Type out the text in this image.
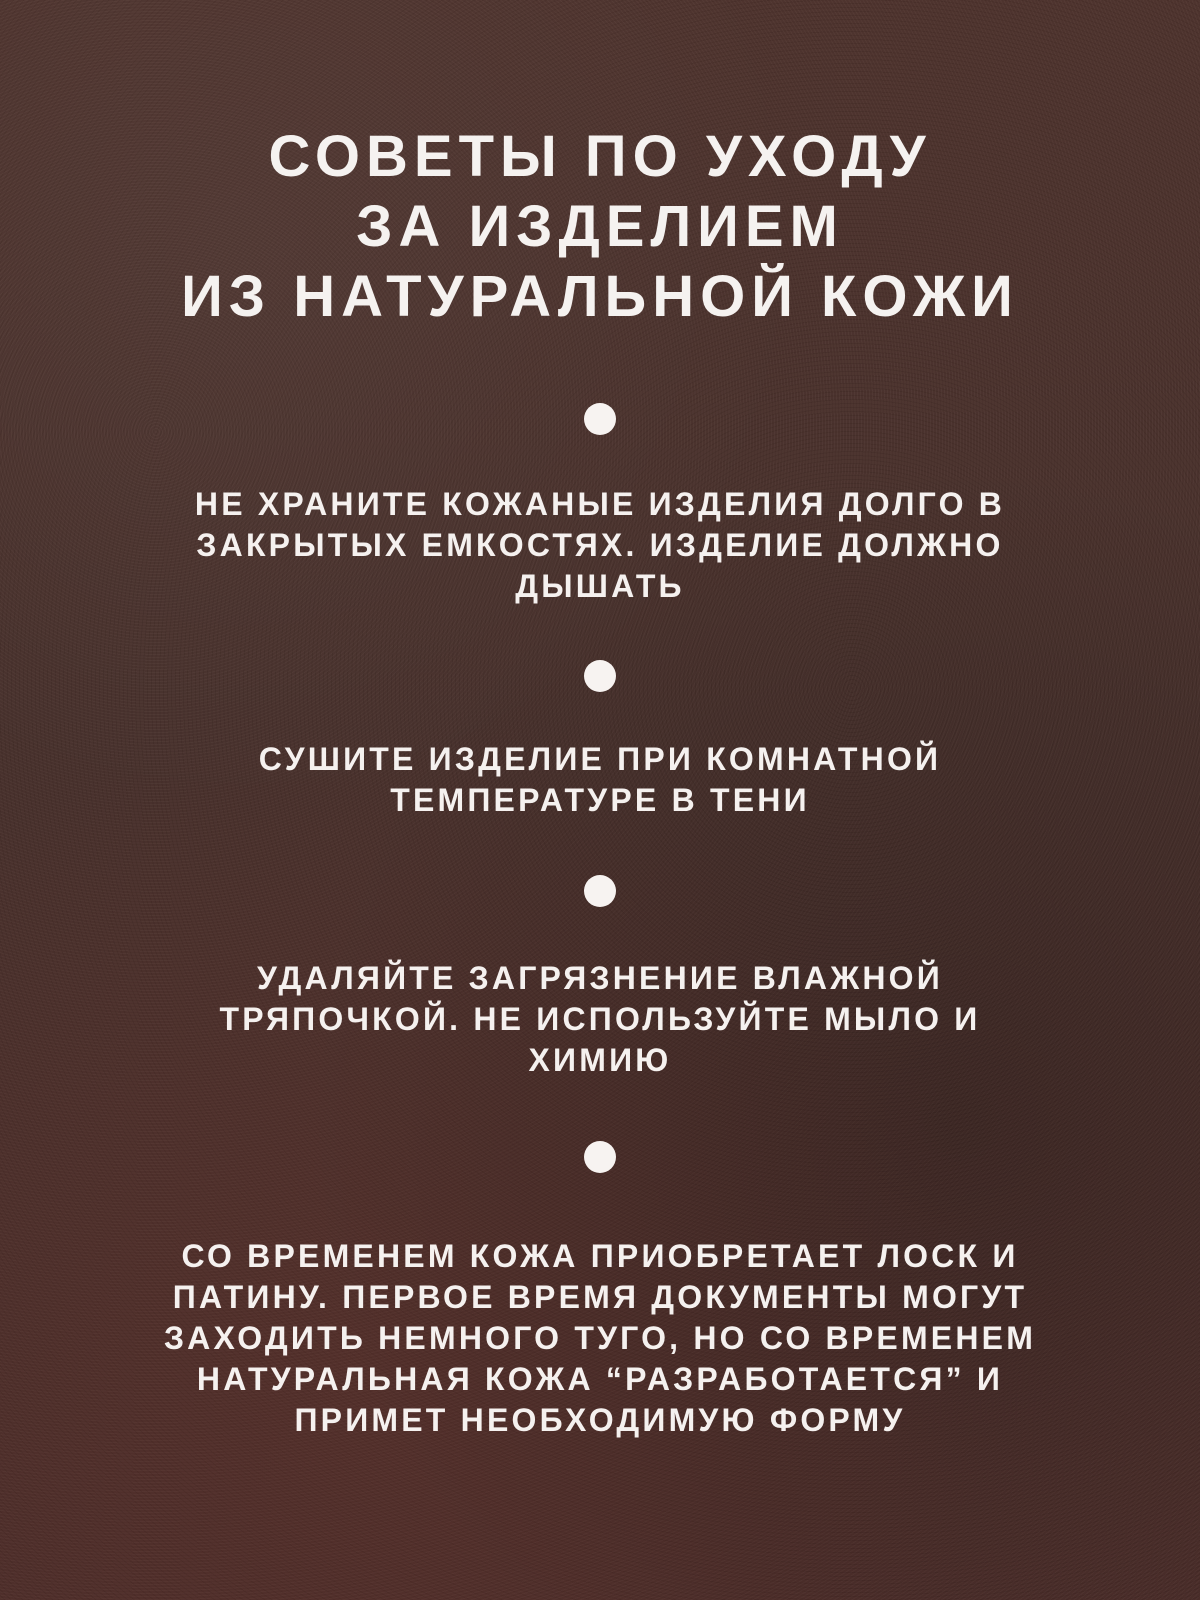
СОВЕТЫ ПО УХОДУ
ЗА ИЗДЕЛИЕМ
ИЗ НАТУРАЛЬНОЙ КОЖИ
НЕ ХРАНИТЕ КОЖАНЫЕ ИЗДЕЛИЯ ДОЛГО В
ЗАКРЫТЫХ ЕМКОСТЯХ. ИЗДЕЛИЕ ДОЛЖНО
ДЫШАТЬ
СУШИТЕ ИЗДЕЛИЕ ПРИ КОМНАТНОЙ
ТЕМПЕРАТУРЕ В ТЕНИ
УДАЛЯЙТЕ ЗАГРЯЗНЕНИЕ ВЛАЖНОЙ
ТРЯПОЧКОЙ. НЕ ИСПОЛЬЗУЙТЕ МЫЛО И
ХИМИЮ
СО ВРЕМЕНЕМ КОЖА ПРИОБРЕТАЕТ ЛОСК И
ПАТИНУ. ПЕРВОЕ ВРЕМЯ ДОКУМЕНТЫ МОГУТ
ЗАХОДИТЬ НЕМНОГО ТУГО, НО СО ВРЕМЕНЕМ
НАТУРАЛЬНАЯ КОЖА “РАЗРАБОТАЕТСЯ” И
ПРИМЕТ НЕОБХОДИМУЮ ФОРМУ
